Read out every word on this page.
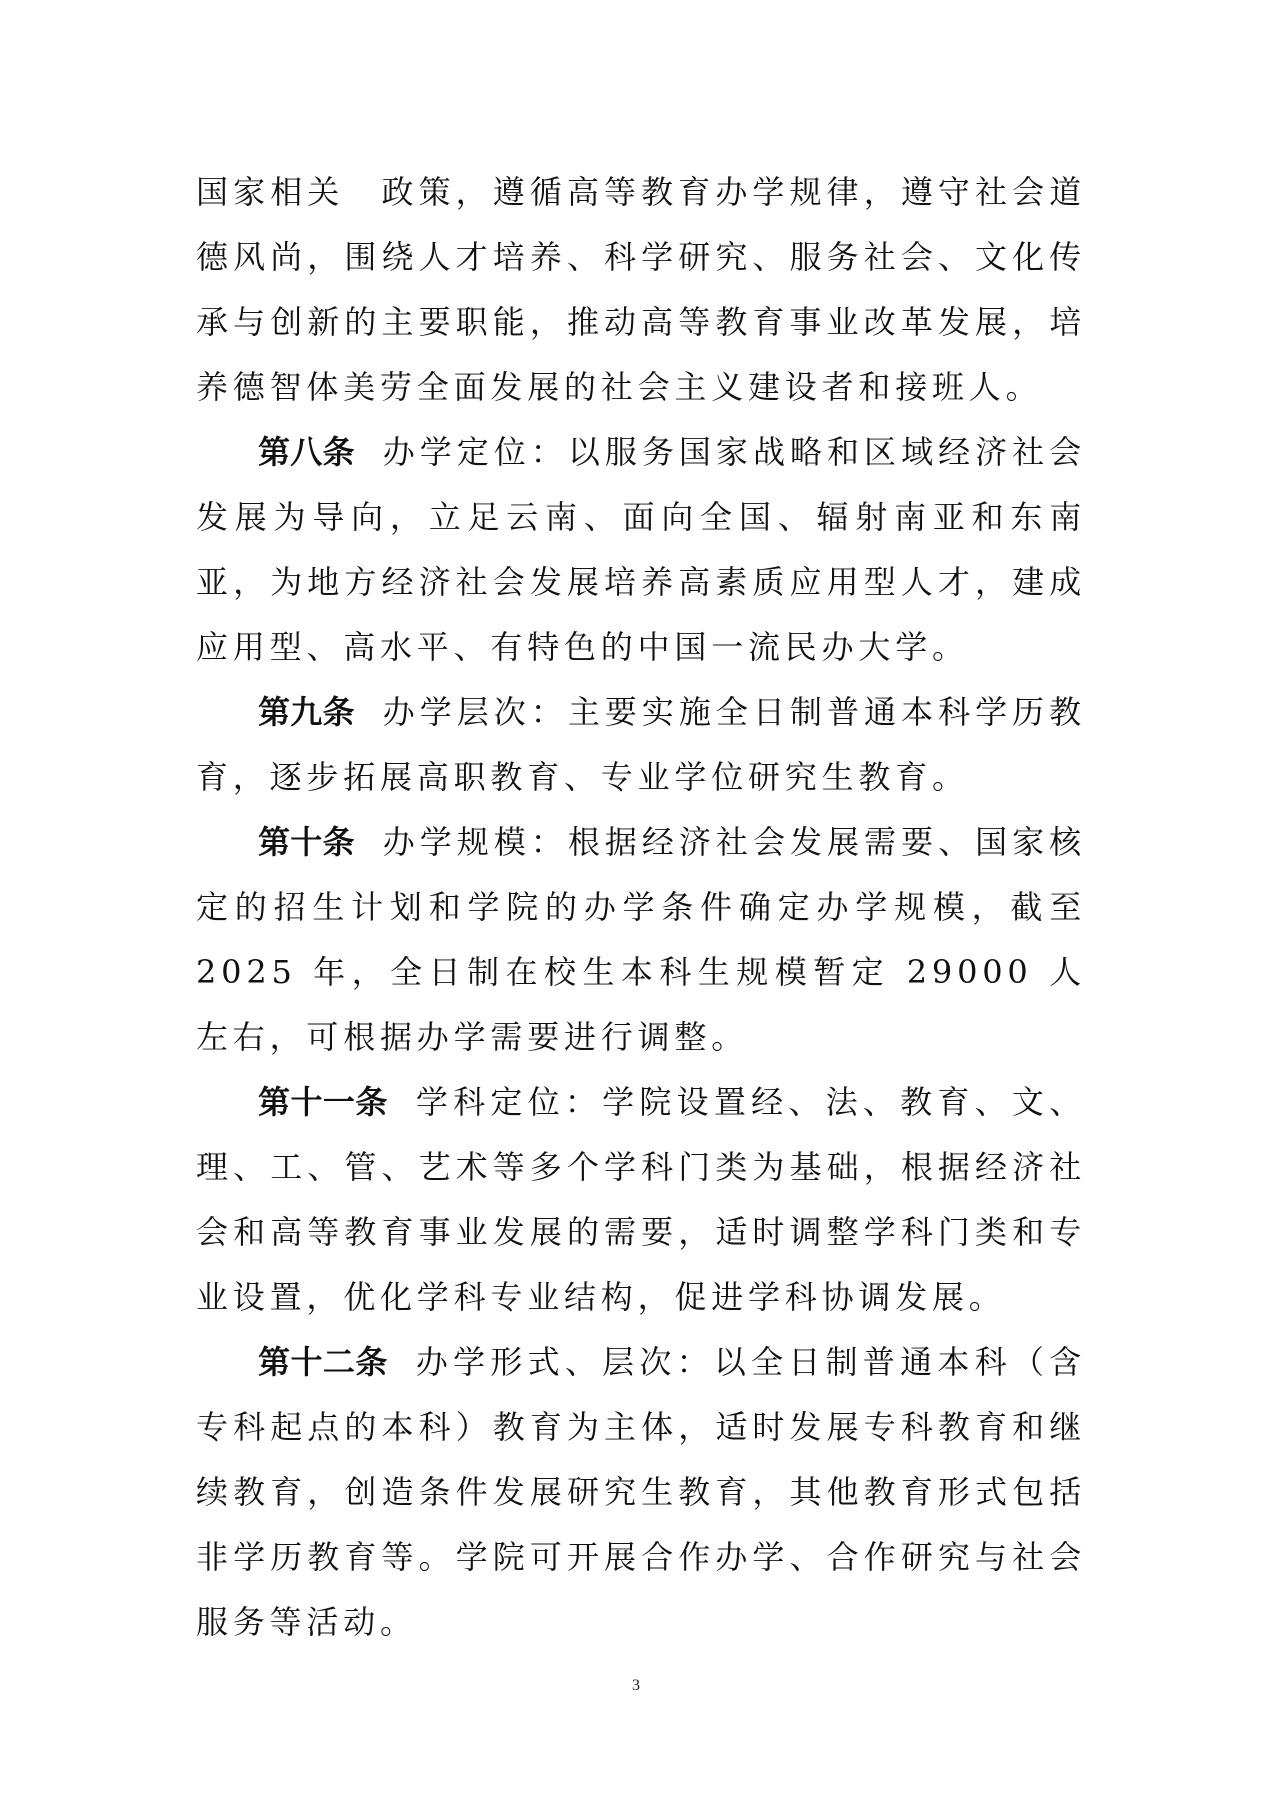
国家相关　政策，遵循高等教育办学规律，遵守社会道德风尚，围绕人才培养、科学研究、服务社会、文化传承与创新的主要职能，推动高等教育事业改革发展，培养德智体美劳全面发展的社会主义建设者和接班人。

第八条 办学定位：以服务国家战略和区域经济社会发展为导向，立足云南、面向全国、辐射南亚和东南亚，为地方经济社会发展培养高素质应用型人才，建成应用型、高水平、有特色的中国一流民办大学。

第九条 办学层次：主要实施全日制普通本科学历教育，逐步拓展高职教育、专业学位研究生教育。

第十条 办学规模：根据经济社会发展需要、国家核定的招生计划和学院的办学条件确定办学规模，截至 2025 年，全日制在校生本科生规模暂定 29000 人左右，可根据办学需要进行调整。

第十一条 学科定位：学院设置经、法、教育、文、理、工、管、艺术等多个学科门类为基础，根据经济社会和高等教育事业发展的需要，适时调整学科门类和专业设置，优化学科专业结构，促进学科协调发展。

第十二条 办学形式、层次：以全日制普通本科（含专科起点的本科）教育为主体，适时发展专科教育和继续教育，创造条件发展研究生教育，其他教育形式包括非学历教育等。学院可开展合作办学、合作研究与社会服务等活动。

3
